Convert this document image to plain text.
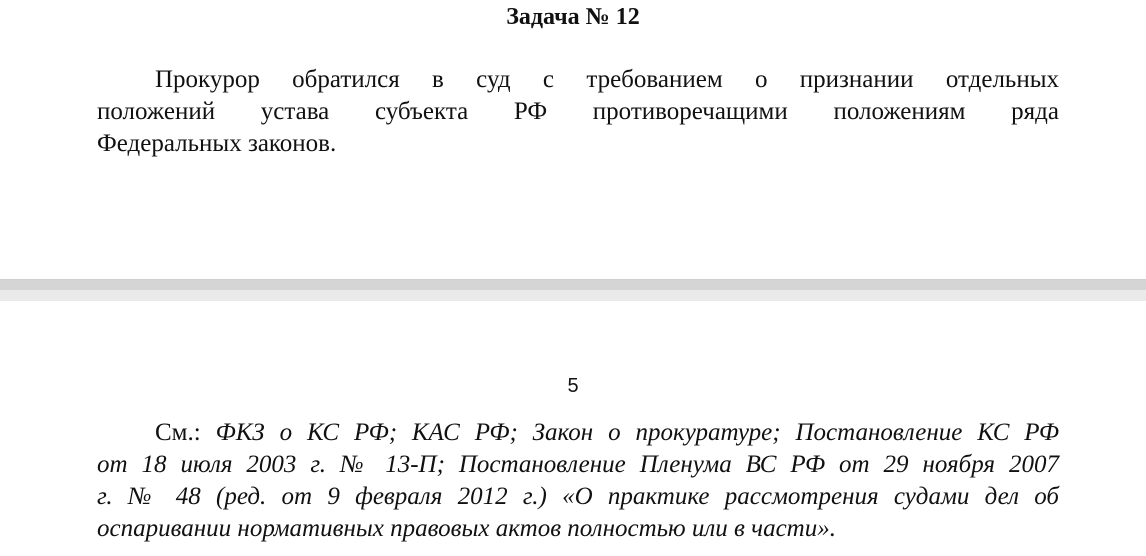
Задача № 12

Прокурор обратился в суд с требованием о признании отдельных
положений устава субъекта РФ противоречащими положениям ряда
Федеральных законов.

5

См.: ФКЗ о КС РФ; КАС РФ; Закон о прокуратуре; Постановление КС РФ
от 18 июля 2003 г. № 13-П; Постановление Пленума ВС РФ от 29 ноября 2007
г. № 48 (ред. от 9 февраля 2012 г.) «О практике рассмотрения судами дел об
оспаривании нормативных правовых актов полностью или в части».
